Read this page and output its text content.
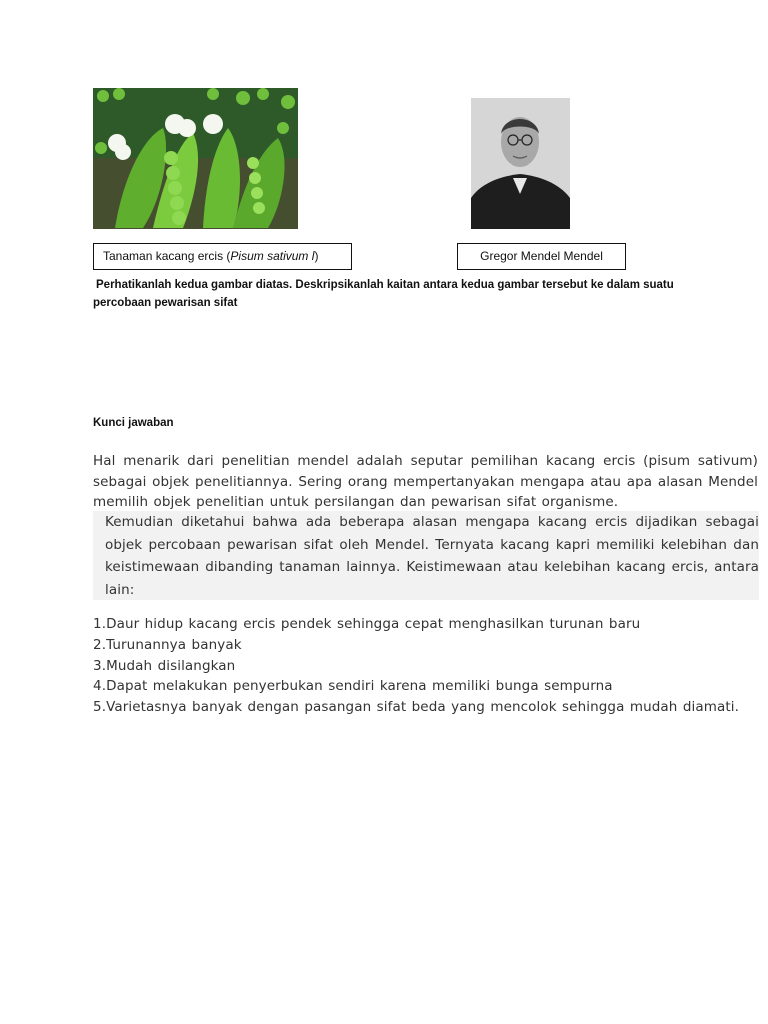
Tanaman kacang ercis (Pisum sativum l)	Gregor Mendel Mendel

Perhatikanlah kedua gambar diatas. Deskripsikanlah kaitan antara kedua gambar tersebut ke dalam suatu

percobaan pewarisan sifat

Kunci jawaban

Hal menarik dari penelitian mendel adalah seputar pemilihan kacang ercis (pisum sativum) sebagai objek penelitiannya. Sering orang mempertanyakan mengapa atau apa alasan Mendel memilih objek penelitian untuk persilangan dan pewarisan sifat organisme.

Kemudian diketahui bahwa ada beberapa alasan mengapa kacang ercis dijadikan sebagai objek percobaan pewarisan sifat oleh Mendel. Ternyata kacang kapri memiliki kelebihan dan keistimewaan dibanding tanaman lainnya. Keistimewaan atau kelebihan kacang ercis, antara lain:

1.Daur hidup kacang ercis pendek sehingga cepat menghasilkan turunan baru
2.Turunannya banyak
3.Mudah disilangkan
4.Dapat melakukan penyerbukan sendiri karena memiliki bunga sempurna
5.Varietasnya banyak dengan pasangan sifat beda yang mencolok sehingga mudah diamati.
